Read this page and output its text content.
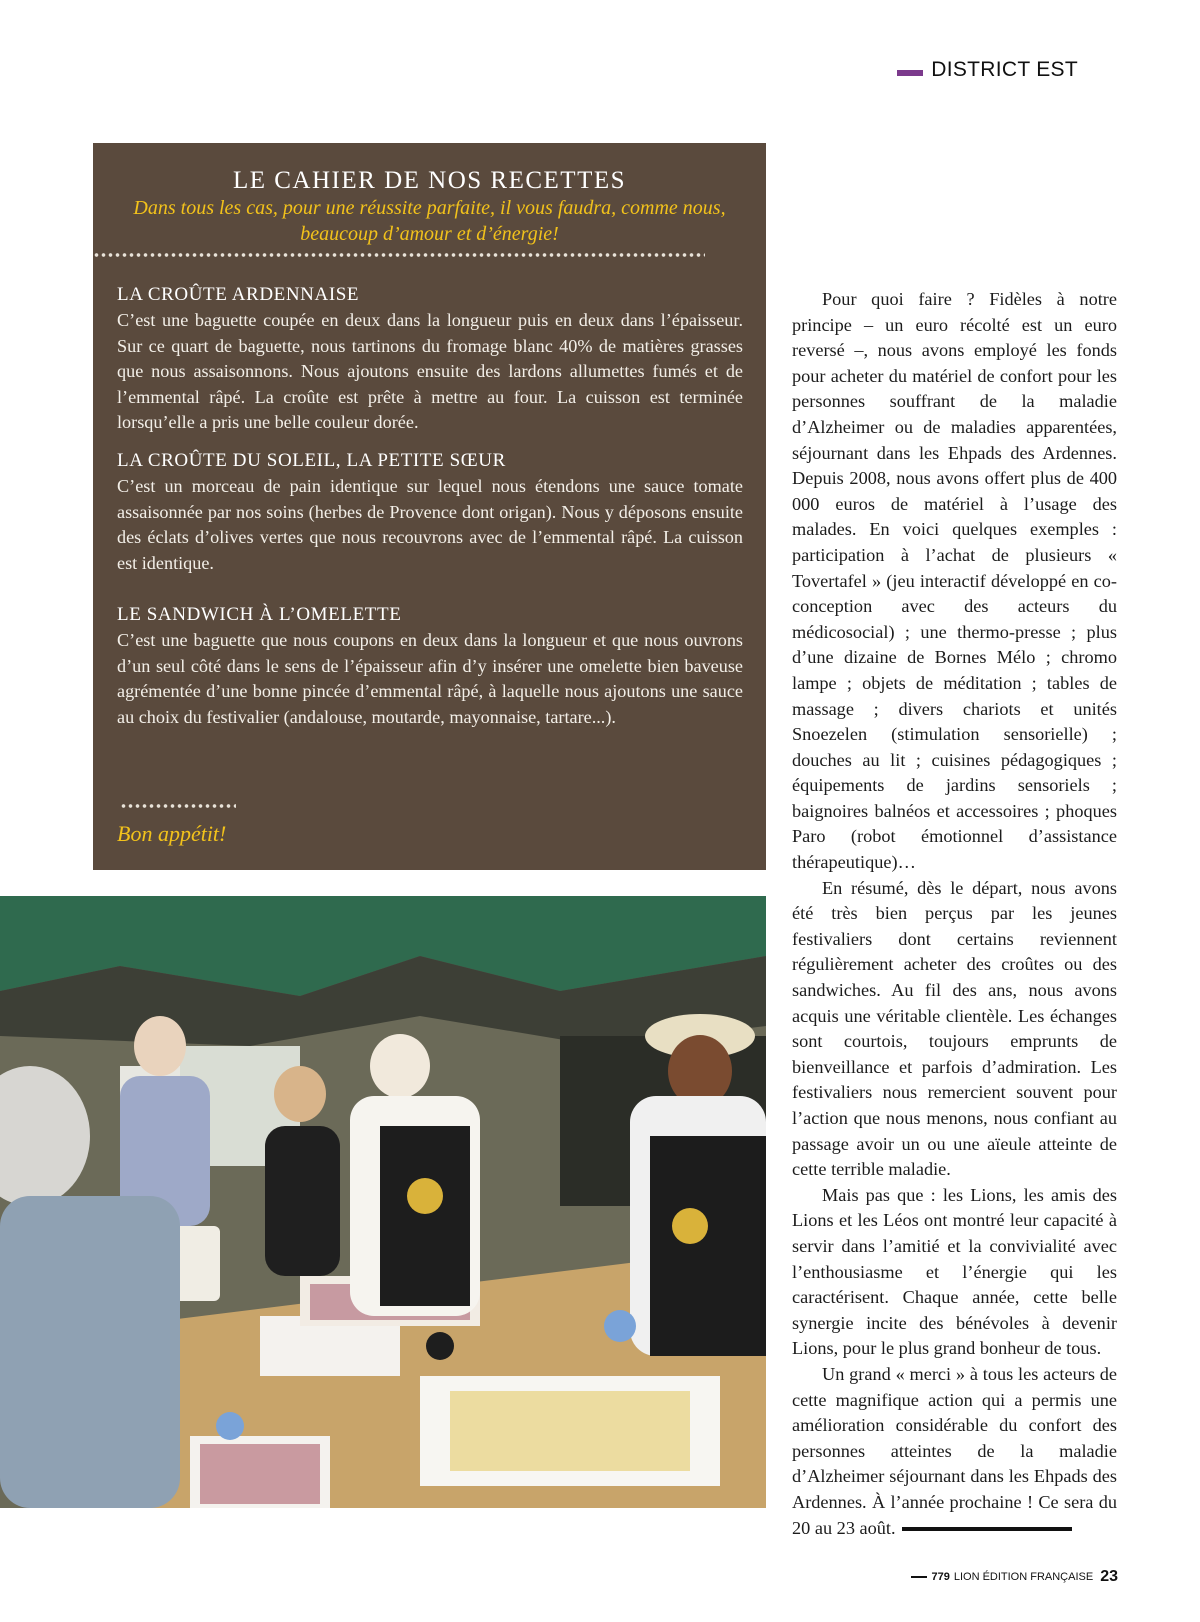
DISTRICT EST
LE CAHIER DE NOS RECETTES
Dans tous les cas, pour une réussite parfaite, il vous faudra, comme nous, beaucoup d’amour et d’énergie!
LA CROÛTE ARDENNAISE

C’est une baguette coupée en deux dans la longueur puis en deux dans l’épaisseur. Sur ce quart de baguette, nous tartinons du fromage blanc 40% de matières grasses que nous assaisonnons. Nous ajoutons ensuite des lardons allumettes fumés et de l’emmental râpé. La croûte est prête à mettre au four. La cuisson est terminée lorsqu’elle a pris une belle couleur dorée.

LA CROÛTE DU SOLEIL, LA PETITE SŒUR

C’est un morceau de pain identique sur lequel nous étendons une sauce tomate assaisonnée par nos soins (herbes de Provence dont origan). Nous y déposons ensuite des éclats d’olives vertes que nous recouvrons avec de l’emmental râpé. La cuisson est identique.

LE SANDWICH À L’OMELETTE

C’est une baguette que nous coupons en deux dans la longueur et que nous ouvrons d’un seul côté dans le sens de l’épaisseur afin d’y insérer une omelette bien baveuse agrémentée d’une bonne pincée d’emmental râpé, à laquelle nous ajoutons une sauce au choix du festivalier (andalouse, moutarde, mayonnaise, tartare...).

Bon appétit!

Pour quoi faire ? Fidèles à notre principe – un euro récolté est un euro reversé –, nous avons employé les fonds pour acheter du matériel de confort pour les personnes souffrant de la maladie d’Alzheimer ou de maladies apparentées, séjournant dans les Ehpads des Ardennes. Depuis 2008, nous avons offert plus de 400 000 euros de matériel à l’usage des malades. En voici quelques exemples : participation à l’achat de plusieurs « Tovertafel » (jeu interactif développé en co-conception avec des acteurs du médicosocial) ; une thermo-presse ; plus d’une dizaine de Bornes Mélo ; chromo lampe ; objets de méditation ; tables de massage ; divers chariots et unités Snoezelen (stimulation sensorielle) ; douches au lit ; cuisines pédagogiques ; équipements de jardins sensoriels ; baignoires balnéos et accessoires ; phoques Paro (robot émotionnel d’assistance thérapeutique)…

En résumé, dès le départ, nous avons été très bien perçus par les jeunes festivaliers dont certains reviennent régulièrement acheter des croûtes ou des sandwiches. Au fil des ans, nous avons acquis une véritable clientèle. Les échanges sont courtois, toujours emprunts de bienveillance et parfois d’admiration. Les festivaliers nous remercient souvent pour l’action que nous menons, nous confiant au passage avoir un ou une aïeule atteinte de cette terrible maladie.

Mais pas que : les Lions, les amis des Lions et les Léos ont montré leur capacité à servir dans l’amitié et la convivialité avec l’enthousiasme et l’énergie qui les caractérisent. Chaque année, cette belle synergie incite des bénévoles à devenir Lions, pour le plus grand bonheur de tous.

Un grand « merci » à tous les acteurs de cette magnifique action qui a permis une amélioration considérable du confort des personnes atteintes de la maladie d’Alzheimer séjournant dans les Ehpads des Ardennes. À l’année prochaine ! Ce sera du 20 au 23 août.

779 LION ÉDITION FRANÇAISE 23
